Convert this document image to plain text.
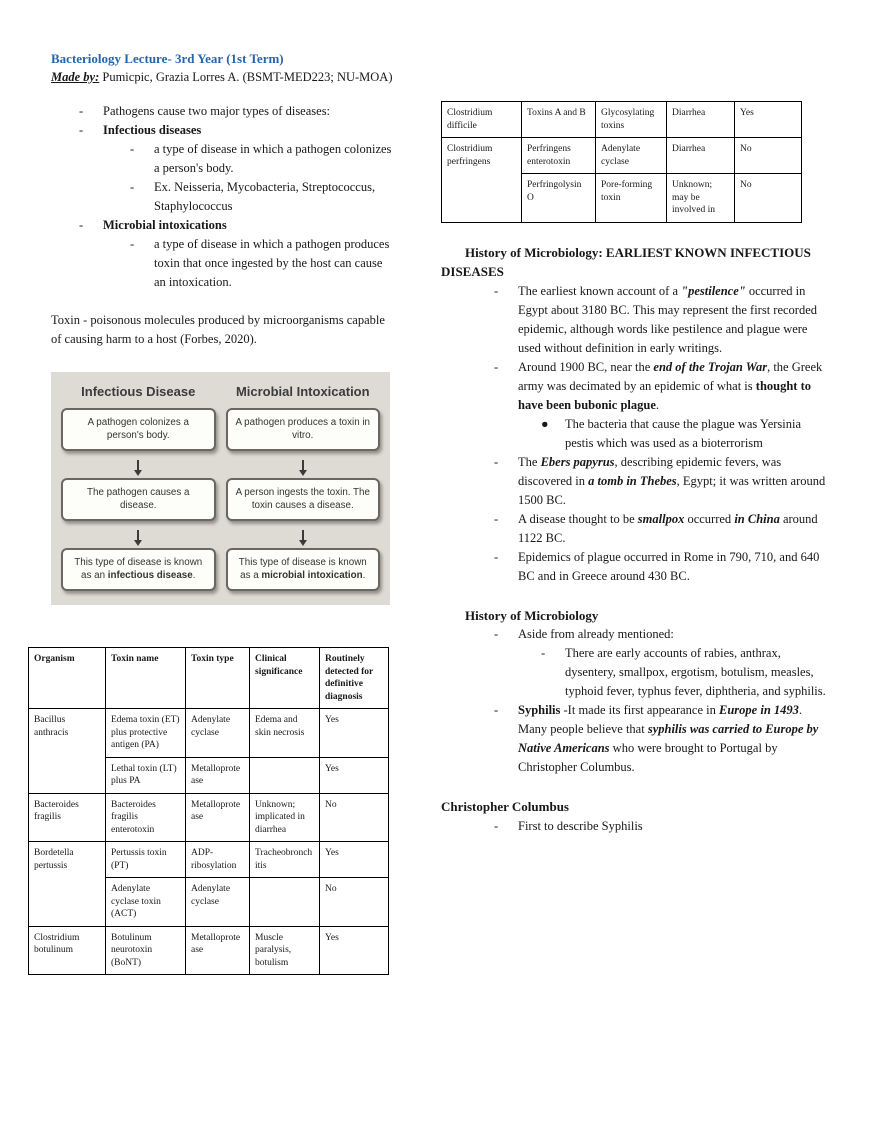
Bacteriology Lecture- 3rd Year (1st Term)
Made by: Pumicpic, Grazia Lorres A. (BSMT-MED223; NU-MOA)
-	Pathogens cause two major types of diseases:
-	Infectious diseases
-	a type of disease in which a pathogen colonizes a person's body.
-	Ex. Neisseria, Mycobacteria, Streptococcus, Staphylococcus
-	Microbial intoxications
-	a type of disease in which a pathogen produces toxin that once ingested by the host can cause an intoxication.

Toxin - poisonous molecules produced by microorganisms capable of causing harm to a host (Forbes, 2020).

Infectious Disease	Microbial Intoxication
A pathogen colonizes a person's body.
A pathogen produces a toxin in vitro.
The pathogen causes a disease.
A person ingests the toxin. The toxin causes a disease.
This type of disease is known as an infectious disease.
This type of disease is known as a microbial intoxication.
Organism	Toxin name	Toxin type	Clinical significance	Routinely detected for definitive diagnosis
Bacillus anthracis	Edema toxin (ET) plus protective antigen (PA)	Adenylate cyclase	Edema and skin necrosis	Yes
	Lethal toxin (LT) plus PA	Metalloprotease		Yes
Bacteroides fragilis	Bacteroides fragilis enterotoxin	Metalloprotease	Unknown; implicated in diarrhea	No
Bordetella pertussis	Pertussis toxin (PT)	ADP-ribosylation	Tracheobronchitis	Yes
	Adenylate cyclase toxin (ACT)	Adenylate cyclase		No
Clostridium botulinum	Botulinum neurotoxin (BoNT)	Metalloprotease	Muscle paralysis, botulism	Yes
Clostridium difficile	Toxins A and B	Glycosylating toxins	Diarrhea	Yes
Clostridium perfringens	Perfringens enterotoxin	Adenylate cyclase	Diarrhea	No
	Perfringolysin O	Pore-forming toxin	Unknown; may be involved in	No
History of Microbiology: EARLIEST KNOWN INFECTIOUS DISEASES
-	The earliest known account of a "pestilence" occurred in Egypt about 3180 BC. This may represent the first recorded epidemic, although words like pestilence and plague were used without definition in early writings.
-	Around 1900 BC, near the end of the Trojan War, the Greek army was decimated by an epidemic of what is thought to have been bubonic plague.
●	The bacteria that cause the plague was Yersinia pestis which was used as a bioterrorism
-	The Ebers papyrus, describing epidemic fevers, was discovered in a tomb in Thebes, Egypt; it was written around 1500 BC.
-	A disease thought to be smallpox occurred in China around 1122 BC.
-	Epidemics of plague occurred in Rome in 790, 710, and 640 BC and in Greece around 430 BC.
History of Microbiology
-	Aside from already mentioned:
-	There are early accounts of rabies, anthrax, dysentery, smallpox, ergotism, botulism, measles, typhoid fever, typhus fever, diphtheria, and syphilis.
-	Syphilis -It made its first appearance in Europe in 1493. Many people believe that syphilis was carried to Europe by Native Americans who were brought to Portugal by Christopher Columbus.
Christopher Columbus
-	First to describe Syphilis
